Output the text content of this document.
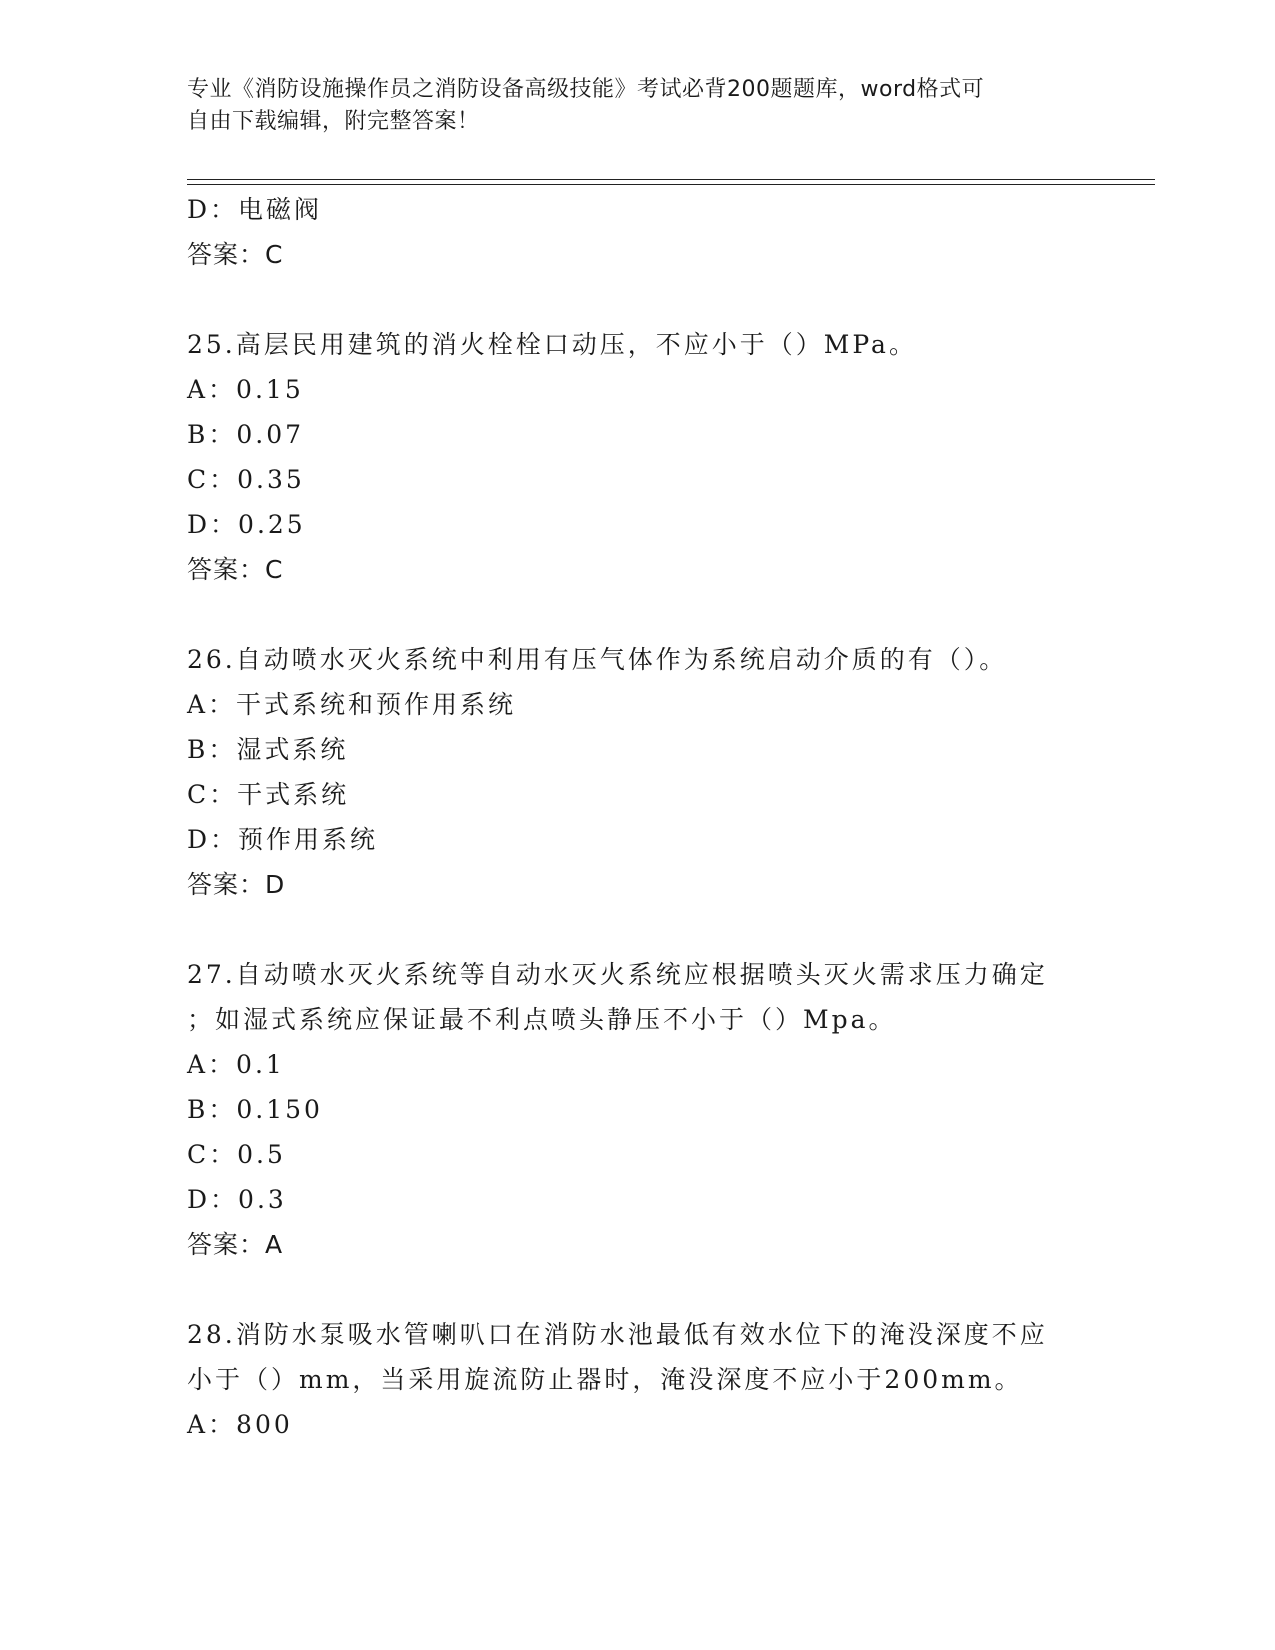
专业《消防设施操作员之消防设备高级技能》考试必背200题题库，word格式可
自由下载编辑，附完整答案！
D：电磁阀
答案：C
25.高层民用建筑的消火栓栓口动压，不应小于（）MPa。
A：0.15
B：0.07
C：0.35
D：0.25
答案：C
26.自动喷水灭火系统中利用有压气体作为系统启动介质的有（）。
A：干式系统和预作用系统
B：湿式系统
C：干式系统
D：预作用系统
答案：D
27.自动喷水灭火系统等自动水灭火系统应根据喷头灭火需求压力确定
；如湿式系统应保证最不利点喷头静压不小于（）Mpa。
A：0.1
B：0.150
C：0.5
D：0.3
答案：A
28.消防水泵吸水管喇叭口在消防水池最低有效水位下的淹没深度不应
小于（）mm，当采用旋流防止器时，淹没深度不应小于200mm。
A：800
